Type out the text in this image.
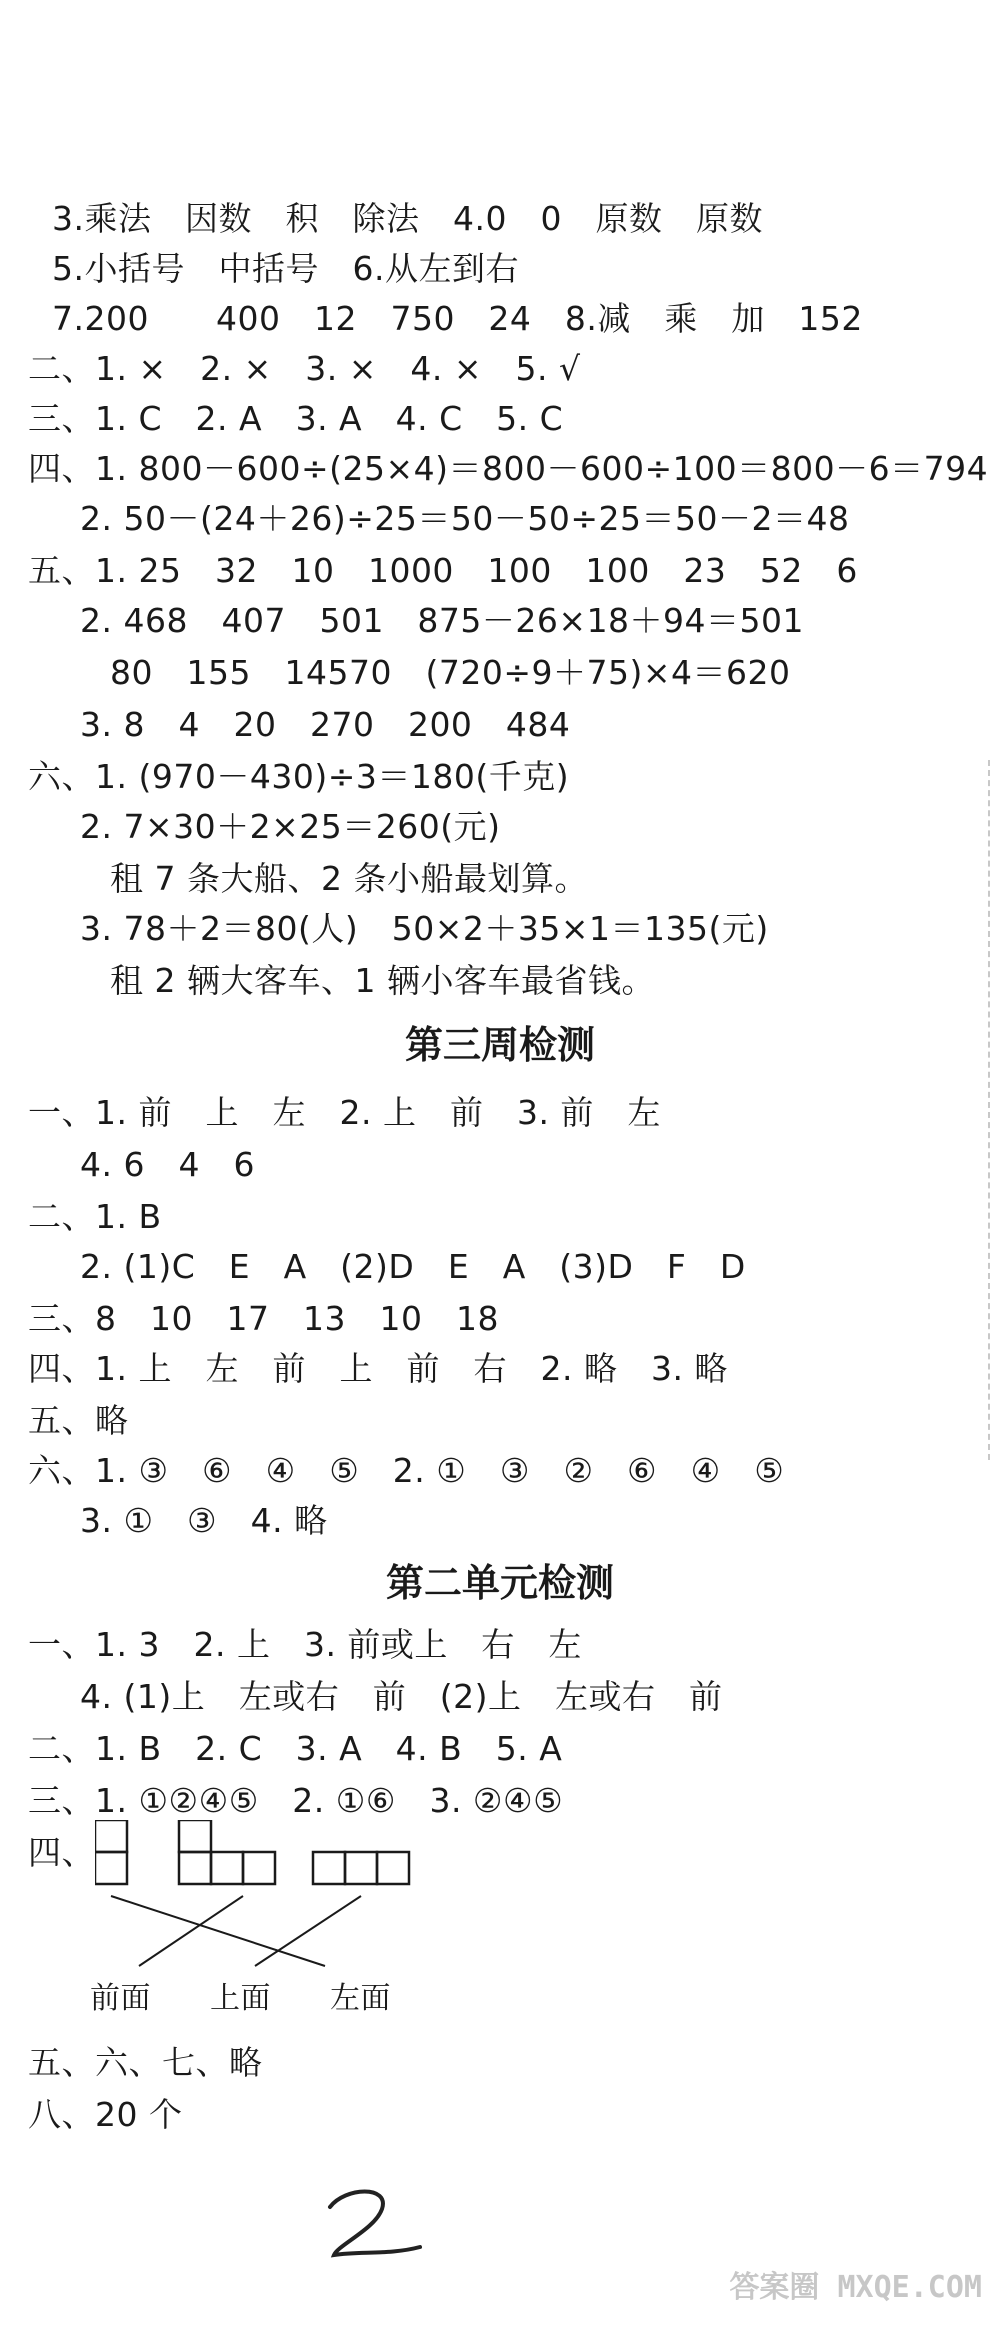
3.乘法　因数　积　除法　4.0　0　原数　原数
5.小括号　中括号　6.从左到右
7.200　　400　12　750　24　8.减　乘　加　152
二、1. ×　2. ×　3. ×　4. ×　5. √
三、1. C　2. A　3. A　4. C　5. C
四、1. 800－600÷(25×4)＝800－600÷100＝800－6＝794
2. 50－(24＋26)÷25＝50－50÷25＝50－2＝48
五、1. 25　32　10　1000　100　100　23　52　6
2. 468　407　501　875－26×18＋94＝501
80　155　14570　(720÷9＋75)×4＝620
3. 8　4　20　270　200　484
六、1. (970－430)÷3＝180(千克)
2. 7×30＋2×25＝260(元)
租 7 条大船、2 条小船最划算。
3. 78＋2＝80(人)　50×2＋35×1＝135(元)
租 2 辆大客车、1 辆小客车最省钱。
第三周检测
一、1. 前　上　左　2. 上　前　3. 前　左
4. 6　4　6
二、1. B
2. (1)C　E　A　(2)D　E　A　(3)D　F　D
三、8　10　17　13　10　18
四、1. 上　左　前　上　前　右　2. 略　3. 略
五、略
六、1. ③　⑥　④　⑤　2. ①　③　②　⑥　④　⑤
3. ①　③　4. 略
第二单元检测
一、1. 3　2. 上　3. 前或上　右　左
4. (1)上　左或右　前　(2)上　左或右　前
二、1. B　2. C　3. A　4. B　5. A
三、1. ①②④⑤　2. ①⑥　3. ②④⑤
四、
前面 上面 左面
五、六、七、略
八、20 个
答案圈 MXQE.COM
